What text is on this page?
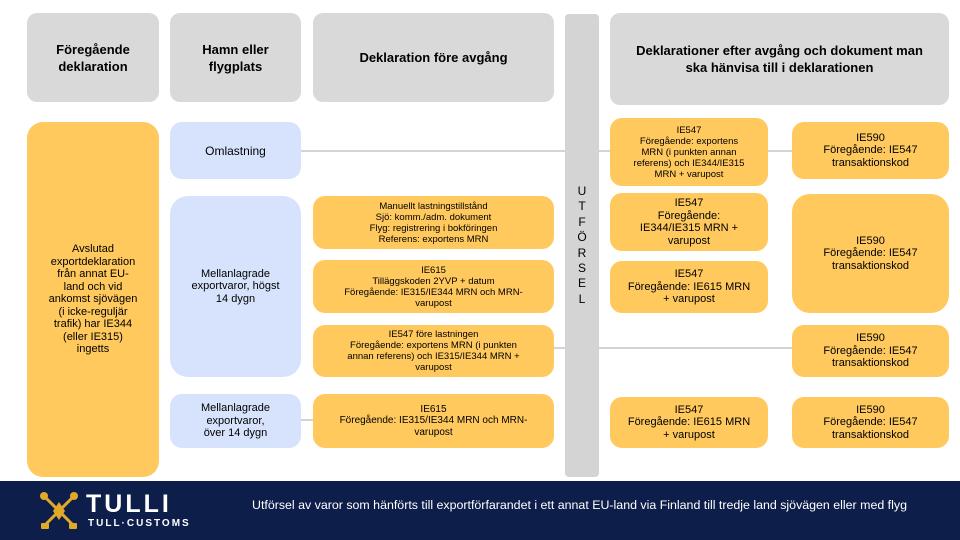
Föregående
deklaration
Hamn eller
flygplats
Deklaration före avgång	Deklarationer efter avgång och dokument man
ska hänvisa till i deklarationen
Avslutad
exportdeklaration
från annat EU-
land och vid
ankomst sjövägen
(i icke-reguljär
trafik) har IE344
(eller IE315)
ingetts
Omlastning
Mellanlagrade
exportvaror, högst
14 dygn
Mellanlagrade
exportvaror,
över 14 dygn
Manuellt lastningstillstånd
Sjö: komm./adm. dokument
Flyg: registrering i bokföringen
Referens: exportens MRN
IE615
Tilläggskoden 2YVP + datum
Föregående: IE315/IE344 MRN och MRN-
varupost
IE547 före lastningen
Föregående: exportens MRN (i punkten
annan referens) och IE315/IE344 MRN +
varupost
IE615
Föregående: IE315/IE344 MRN och MRN-
varupost
U
T
F
Ö
R
S
E
L
IE547
Föregående: exportens
MRN (i punkten annan
referens) och IE344/IE315
MRN + varupost
IE547
Föregående:
IE344/IE315 MRN +
varupost
IE547
Föregående: IE615 MRN
+ varupost
IE547
Föregående: IE615 MRN
+ varupost
IE590
Föregående: IE547
transaktionskod
IE590
Föregående: IE547
transaktionskod
IE590
Föregående: IE547
transaktionskod
IE590
Föregående: IE547
transaktionskod
TULLI
TULL·CUSTOMS
Utförsel av varor som hänförts till exportförfarandet i ett annat EU-land via Finland till tredje land sjövägen eller med flyg
